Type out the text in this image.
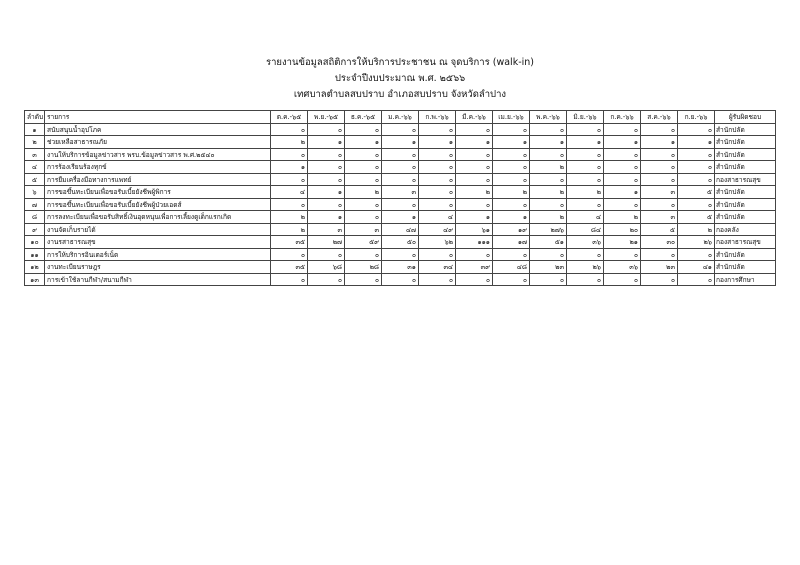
รายงานข้อมูลสถิติการให้บริการประชาชน ณ จุดบริการ (walk-in)
ประจำปีงบประมาณ พ.ศ. ๒๕๖๖
เทศบาลตำบลสบปราบ อำเภอสบปราบ จังหวัดลำปาง
ลำดับ	รายการ	ต.ค.-๖๕	พ.ย.-๖๕	ธ.ค.-๖๕	ม.ค.-๖๖	ก.พ.-๖๖	มี.ค.-๖๖	เม.ย.-๖๖	พ.ค.-๖๖	มิ.ย.-๖๖	ก.ค.-๖๖	ส.ค.-๖๖	ก.ย.-๖๖	ผู้รับผิดชอบ
๑	สนับสนุนน้ำอุปโภค	๐	๐	๐	๐	๐	๐	๐	๐	๐	๐	๐	๐	สำนักปลัด
๒	ช่วยเหลือสาธารณภัย	๒	๑	๑	๑	๑	๑	๑	๑	๑	๑	๑	๑	สำนักปลัด
๓	งานให้บริการข้อมูลข่าวสาร พรบ.ข้อมูลข่าวสาร พ.ศ.๒๕๔๐	๐	๐	๐	๐	๐	๐	๐	๐	๐	๐	๐	๐	สำนักปลัด
๔	การร้องเรียนร้องทุกข์	๑	๐	๐	๐	๐	๐	๐	๒	๐	๐	๐	๐	สำนักปลัด
๕	การยืมเครื่องมือทางการแพทย์	๐	๐	๐	๐	๐	๐	๐	๐	๐	๐	๐	๐	กองสาธารณสุข
๖	การขอขึ้นทะเบียนเพื่อขอรับเบี้ยยังชีพผู้พิการ	๔	๑	๒	๓	๐	๒	๒	๒	๒	๑	๓	๕	สำนักปลัด
๗	การขอขึ้นทะเบียนเพื่อขอรับเบี้ยยังชีพผู้ป่วยเอดส์	๐	๐	๐	๐	๐	๐	๐	๐	๐	๐	๐	๐	สำนักปลัด
๘	การลงทะเบียนเพื่อขอรับสิทธิ์เงินอุดหนุนเพื่อการเลี้ยงดูเด็กแรกเกิด	๒	๑	๐	๑	๔	๑	๑	๒	๔	๒	๓	๕	สำนักปลัด
๙	งานจัดเก็บรายได้	๒	๓	๓	๔๗	๔๙	๖๑	๑๙	๒๗๖	๘๔	๒๐	๕	๒	กองคลัง
๑๐	งานรสาธารณสุข	๓๕	๒๗	๕๙	๕๐	๖๒	๑๑๑	๑๗	๕๑	๓๖	๒๑	๓๐	๒๖	กองสาธารณสุข
๑๑	การให้บริการอินเตอร์เน็ต	๐	๐	๐	๐	๐	๐	๐	๐	๐	๐	๐	๐	สำนักปลัด
๑๒	งานทะเบียนราษฎร	๓๕	๖๘	๒๘	๓๑	๓๔	๓๙	๔๘	๒๓	๒๖	๓๖	๒๓	๔๑	สำนักปลัด
๑๓	การเข้าใช้ลานกีฬา/สนามกีฬา	๐	๐	๐	๐	๐	๐	๐	๐	๐	๐	๐	๐	กองการศึกษา
